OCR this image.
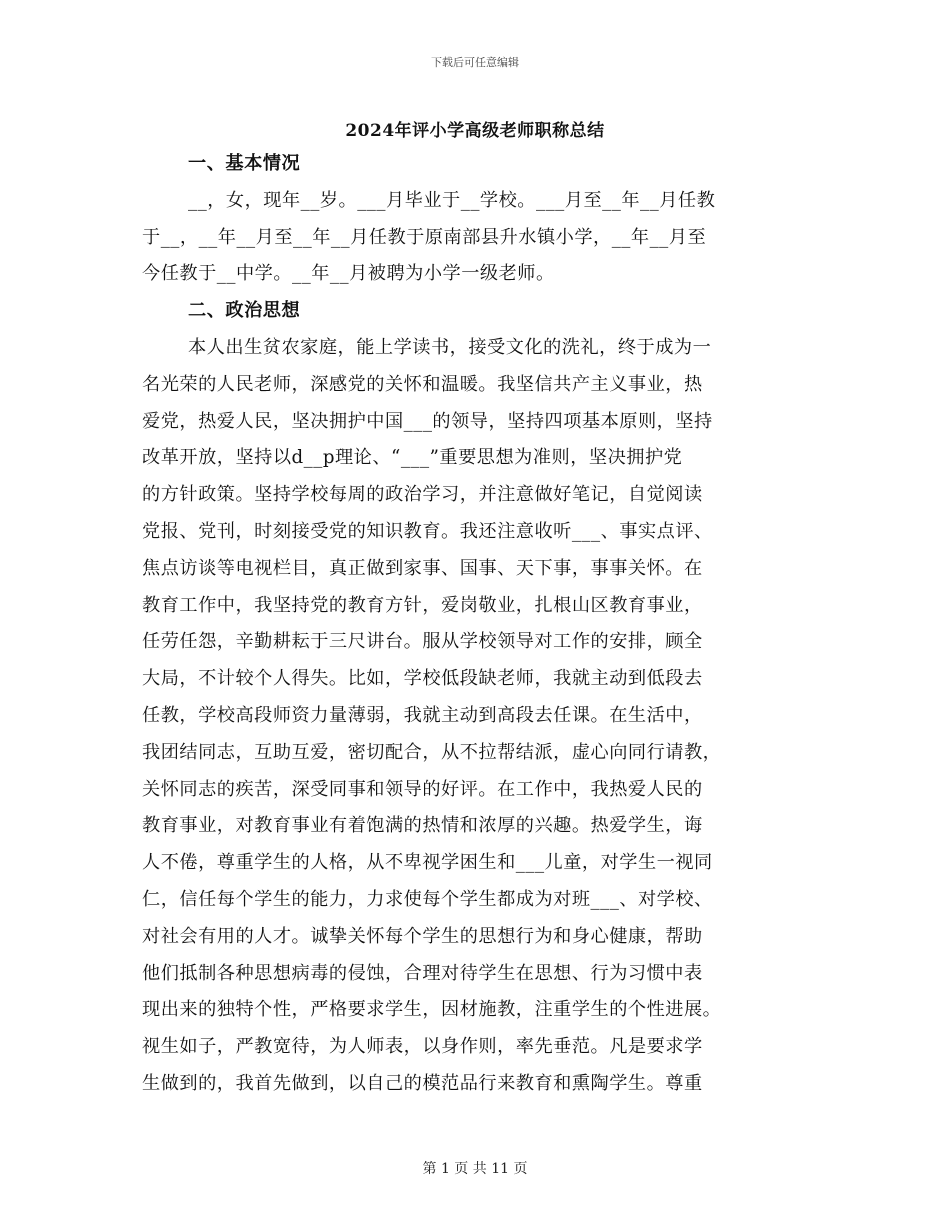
下载后可任意编辑
2024年评小学高级老师职称总结
一、基本情况

__，女，现年__岁。___月毕业于__学校。___月至__年__月任教
于__，__年__月至__年__月任教于原南部县升水镇小学，__年__月至
今任教于__中学。__年__月被聘为小学一级老师。

二、政治思想

本人出生贫农家庭，能上学读书，接受文化的洗礼，终于成为一
名光荣的人民老师，深感党的关怀和温暖。我坚信共产主义事业，热
爱党，热爱人民，坚决拥护中国___的领导，坚持四项基本原则，坚持
改革开放，坚持以d__p理论、“___”重要思想为准则，坚决拥护党
的方针政策。坚持学校每周的政治学习，并注意做好笔记，自觉阅读
党报、党刊，时刻接受党的知识教育。我还注意收听___、事实点评、
焦点访谈等电视栏目，真正做到家事、国事、天下事，事事关怀。在
教育工作中，我坚持党的教育方针，爱岗敬业，扎根山区教育事业，
任劳任怨，辛勤耕耘于三尺讲台。服从学校领导对工作的安排，顾全
大局，不计较个人得失。比如，学校低段缺老师，我就主动到低段去
任教，学校高段师资力量薄弱，我就主动到高段去任课。在生活中，
我团结同志，互助互爱，密切配合，从不拉帮结派，虚心向同行请教，
关怀同志的疾苦，深受同事和领导的好评。在工作中，我热爱人民的
教育事业，对教育事业有着饱满的热情和浓厚的兴趣。热爱学生，诲
人不倦，尊重学生的人格，从不卑视学困生和___儿童，对学生一视同
仁，信任每个学生的能力，力求使每个学生都成为对班___、对学校、
对社会有用的人才。诚挚关怀每个学生的思想行为和身心健康，帮助
他们抵制各种思想病毒的侵蚀，合理对待学生在思想、行为习惯中表
现出来的独特个性，严格要求学生，因材施教，注重学生的个性进展。
视生如子，严教宽待，为人师表，以身作则，率先垂范。凡是要求学
生做到的，我首先做到，以自己的模范品行来教育和熏陶学生。尊重

第 1 页 共 11 页
